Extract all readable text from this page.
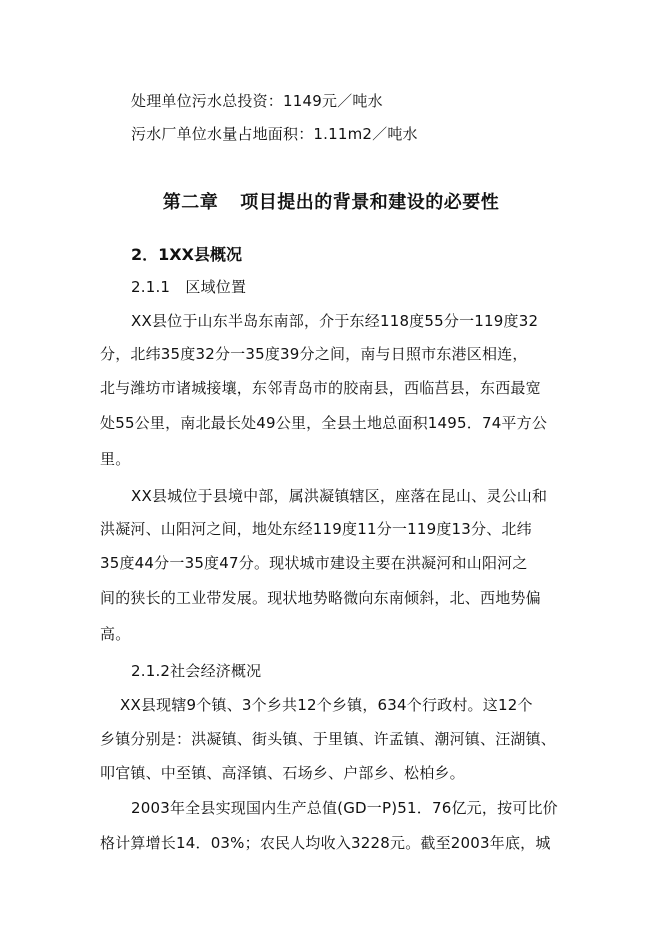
处理单位污水总投资：1149元／吨水
污水厂单位水量占地面积：1.11m2／吨水
第二章 项目提出的背景和建设的必要性
2．1XX县概况
2.1.1　区域位置
XX县位于山东半岛东南部，介于东经118度55分一119度32
分，北纬35度32分一35度39分之间，南与日照市东港区相连，
北与潍坊市诸城接壤，东邻青岛市的胶南县，西临莒县，东西最宽
处55公里，南北最长处49公里，全县土地总面积1495．74平方公
里。
XX县城位于县境中部，属洪凝镇辖区，座落在昆山、灵公山和
洪凝河、山阳河之间，地处东经119度11分一119度13分、北纬
35度44分一35度47分。现状城市建设主要在洪凝河和山阳河之
间的狭长的工业带发展。现状地势略微向东南倾斜，北、西地势偏
高。
2.1.2社会经济概况
XX县现辖9个镇、3个乡共12个乡镇，634个行政村。这12个
乡镇分别是：洪凝镇、街头镇、于里镇、许孟镇、潮河镇、汪湖镇、
叩官镇、中至镇、高泽镇、石场乡、户部乡、松柏乡。
2003年全县实现国内生产总值(GD一P)51．76亿元，按可比价
格计算增长14．03%；农民人均收入3228元。截至2003年底，城
